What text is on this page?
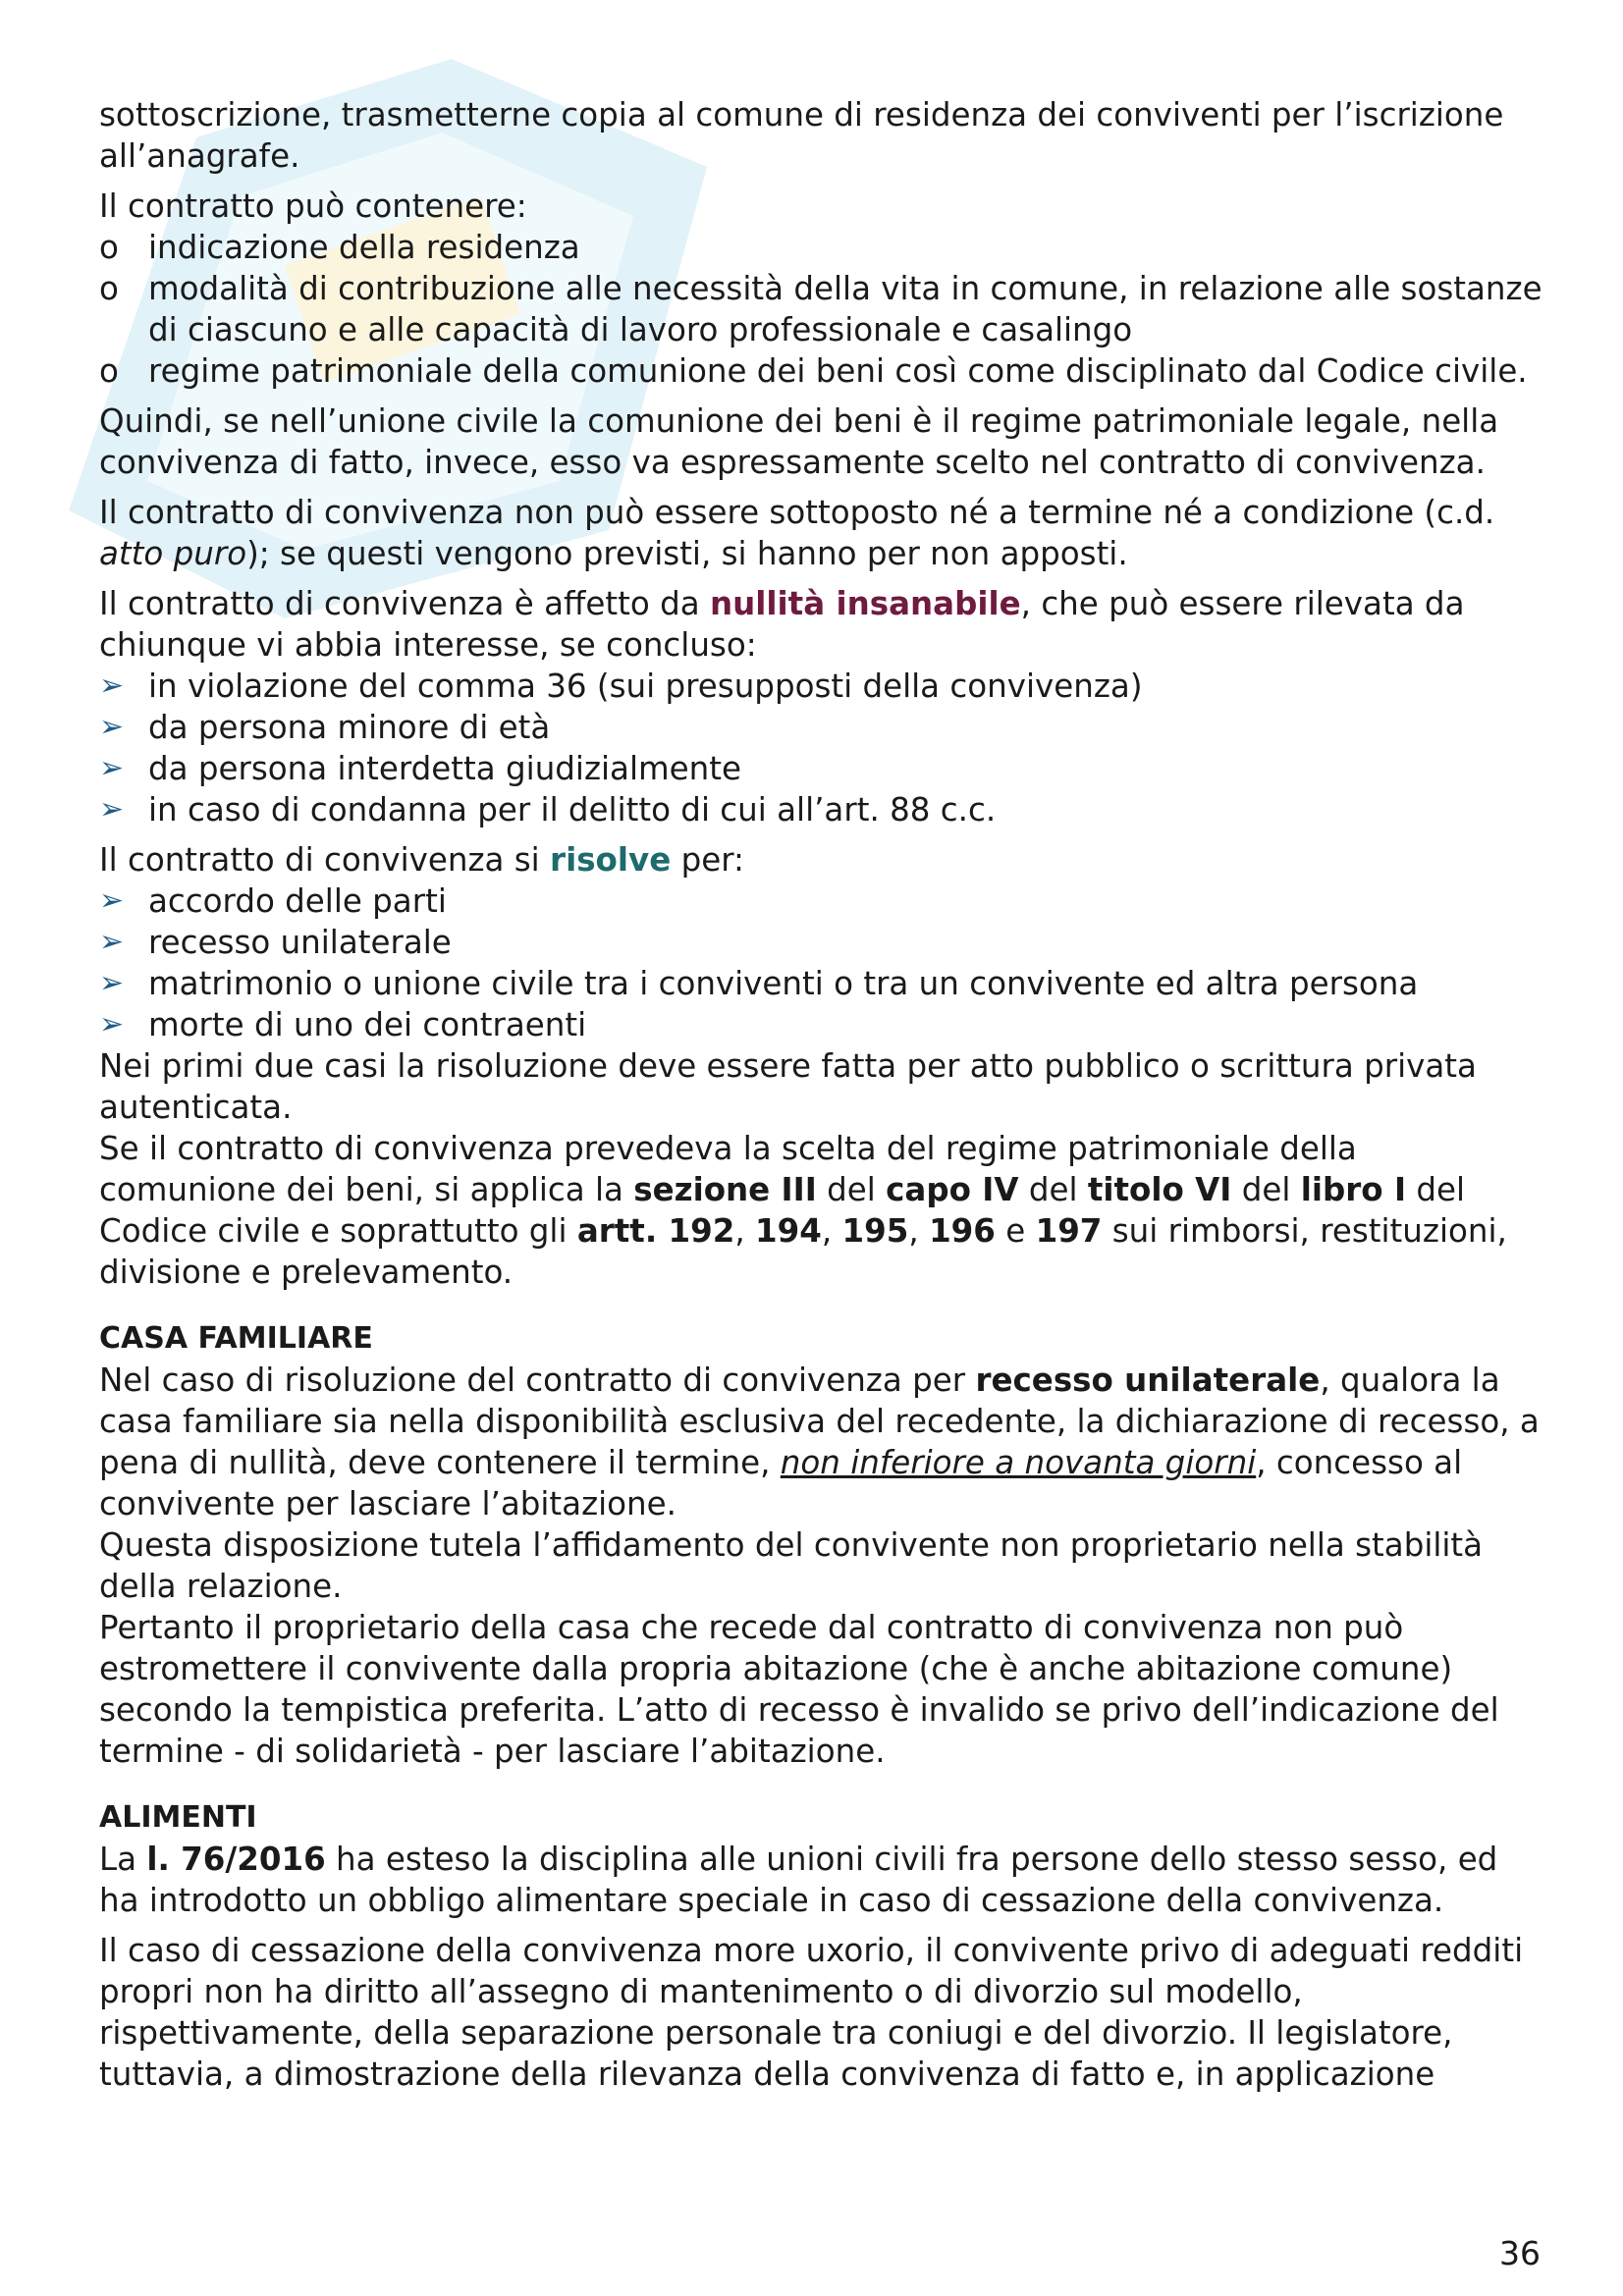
sottoscrizione, trasmetterne copia al comune di residenza dei conviventi per l’iscrizione all’anagrafe.

Il contratto può contenere:

o indicazione della residenza
o modalità di contribuzione alle necessità della vita in comune, in relazione alle sostanze di ciascuno e alle capacità di lavoro professionale e casalingo
o regime patrimoniale della comunione dei beni così come disciplinato dal Codice civile.

Quindi, se nell’unione civile la comunione dei beni è il regime patrimoniale legale, nella convivenza di fatto, invece, esso va espressamente scelto nel contratto di convivenza.

Il contratto di convivenza non può essere sottoposto né a termine né a condizione (c.d. atto puro); se questi vengono previsti, si hanno per non apposti.

Il contratto di convivenza è affetto da nullità insanabile, che può essere rilevata da chiunque vi abbia interesse, se concluso:

➢ in violazione del comma 36 (sui presupposti della convivenza)
➢ da persona minore di età
➢ da persona interdetta giudizialmente
➢ in caso di condanna per il delitto di cui all’art. 88 c.c.

Il contratto di convivenza si risolve per:

➢ accordo delle parti
➢ recesso unilaterale
➢ matrimonio o unione civile tra i conviventi o tra un convivente ed altra persona
➢ morte di uno dei contraenti

Nei primi due casi la risoluzione deve essere fatta per atto pubblico o scrittura privata autenticata.

Se il contratto di convivenza prevedeva la scelta del regime patrimoniale della comunione dei beni, si applica la sezione III del capo IV del titolo VI del libro I del Codice civile e soprattutto gli artt. 192, 194, 195, 196 e 197 sui rimborsi, restituzioni, divisione e prelevamento.

CASA FAMILIARE

Nel caso di risoluzione del contratto di convivenza per recesso unilaterale, qualora la casa familiare sia nella disponibilità esclusiva del recedente, la dichiarazione di recesso, a pena di nullità, deve contenere il termine, non inferiore a novanta giorni, concesso al convivente per lasciare l’abitazione.

Questa disposizione tutela l’affidamento del convivente non proprietario nella stabilità della relazione.

Pertanto il proprietario della casa che recede dal contratto di convivenza non può estromettere il convivente dalla propria abitazione (che è anche abitazione comune) secondo la tempistica preferita. L’atto di recesso è invalido se privo dell’indicazione del termine - di solidarietà - per lasciare l’abitazione.

ALIMENTI

La l. 76/2016 ha esteso la disciplina alle unioni civili fra persone dello stesso sesso, ed ha introdotto un obbligo alimentare speciale in caso di cessazione della convivenza.

Il caso di cessazione della convivenza more uxorio, il convivente privo di adeguati redditi propri non ha diritto all’assegno di mantenimento o di divorzio sul modello, rispettivamente, della separazione personale tra coniugi e del divorzio. Il legislatore, tuttavia, a dimostrazione della rilevanza della convivenza di fatto e, in applicazione

36
